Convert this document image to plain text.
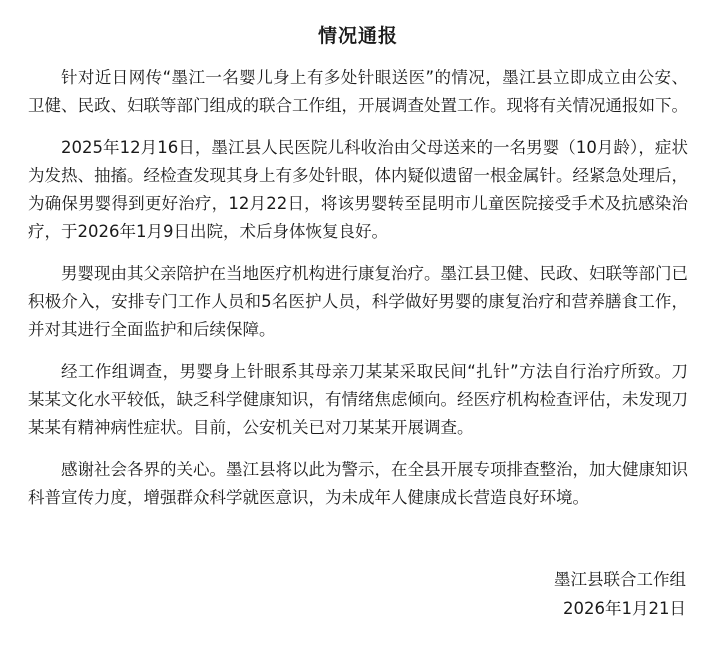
情况通报

针对近日网传“墨江一名婴儿身上有多处针眼送医”的情况，墨江县立即成立由公安、卫健、民政、妇联等部门组成的联合工作组，开展调查处置工作。现将有关情况通报如下。

2025年12月16日，墨江县人民医院儿科收治由父母送来的一名男婴（10月龄），症状为发热、抽搐。经检查发现其身上有多处针眼，体内疑似遗留一根金属针。经紧急处理后，为确保男婴得到更好治疗，12月22日，将该男婴转至昆明市儿童医院接受手术及抗感染治疗，于2026年1月9日出院，术后身体恢复良好。

男婴现由其父亲陪护在当地医疗机构进行康复治疗。墨江县卫健、民政、妇联等部门已积极介入，安排专门工作人员和5名医护人员，科学做好男婴的康复治疗和营养膳食工作，并对其进行全面监护和后续保障。

经工作组调查，男婴身上针眼系其母亲刀某某采取民间“扎针”方法自行治疗所致。刀某某文化水平较低，缺乏科学健康知识，有情绪焦虑倾向。经医疗机构检查评估，未发现刀某某有精神病性症状。目前，公安机关已对刀某某开展调查。

感谢社会各界的关心。墨江县将以此为警示，在全县开展专项排查整治，加大健康知识科普宣传力度，增强群众科学就医意识，为未成年人健康成长营造良好环境。

墨江县联合工作组
2026年1月21日
